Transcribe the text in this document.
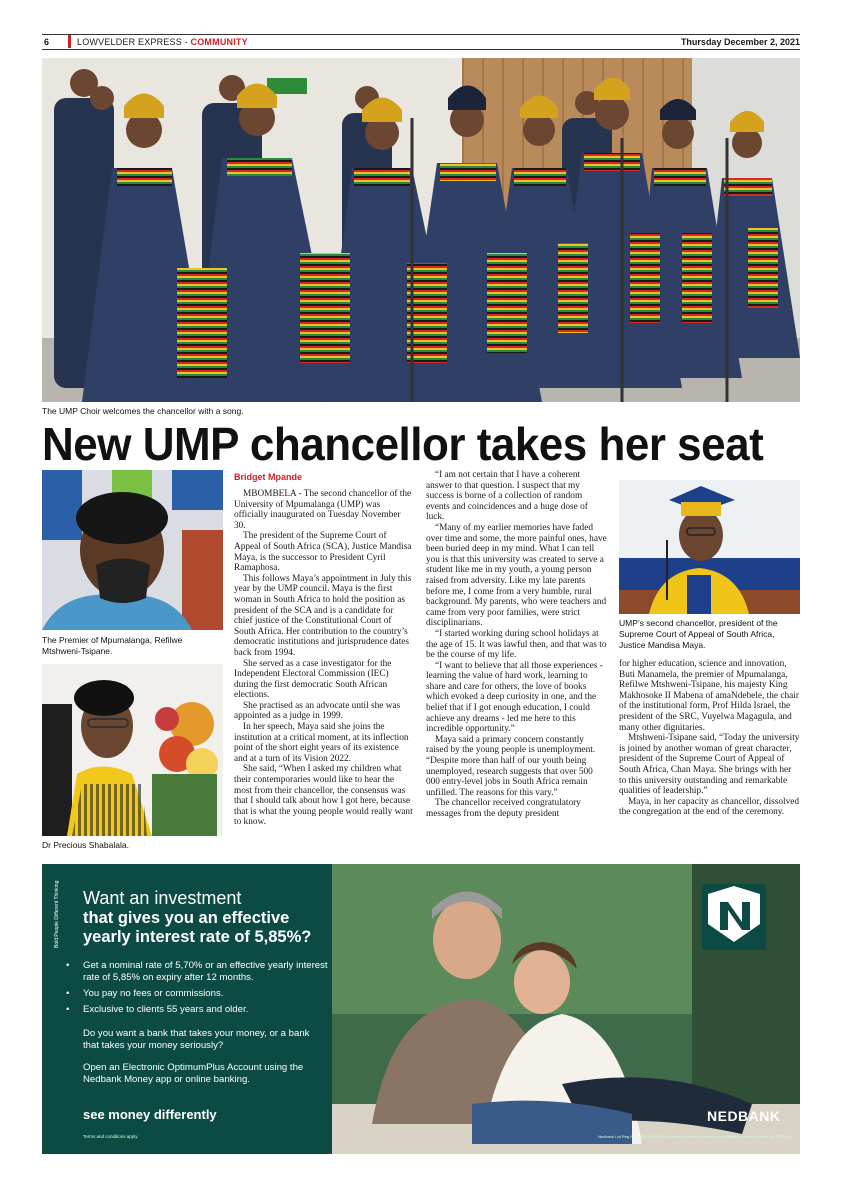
6	LOWVELDER EXPRESS - COMMUNITY	Thursday December 2, 2021
The UMP Choir welcomes the chancellor with a song.
New UMP chancellor takes her seat
The Premier of Mpumalanga, Refilwe Mtshweni-Tsipane.
Dr Precious Shabalala.
Bridget Mpande

MBOMBELA - The second chancellor of the University of Mpumalanga (UMP) was officially inaugurated on Tuesday November 30.

The president of the Supreme Court of Appeal of South Africa (SCA), Justice Mandisa Maya, is the successor to President Cyril Ramaphosa.

This follows Maya’s appointment in July this year by the UMP council. Maya is the first woman in South Africa to hold the position as president of the SCA and is a candidate for chief justice of the Constitutional Court of South Africa. Her contribution to the country’s democratic institutions and jurisprudence dates back from 1994.

She served as a case investigator for the Independent Electoral Commission (IEC) during the first democratic South African elections.

She practised as an advocate until she was appointed as a judge in 1999.

In her speech, Maya said she joins the institution at a critical moment, at its inflection point of the short eight years of its existence and at a turn of its Vision 2022.

She said, “When I asked my children what their contemporaries would like to hear the most from their chancellor, the consensus was that I should talk about how I got here, because that is what the young people would really want to know.

“I am not certain that I have a coherent answer to that question. I suspect that my success is borne of a collection of random events and coincidences and a huge dose of luck.

“Many of my earlier memories have faded over time and some, the more painful ones, have been buried deep in my mind. What I can tell you is that this university was created to serve a student like me in my youth, a young person raised from adversity. Like my late parents before me, I come from a very humble, rural background. My parents, who were teachers and came from very poor families, were strict disciplinarians.

“I started working during school holidays at the age of 15. It was lawful then, and that was to be the course of my life.

“I want to believe that all those experiences - learning the value of hard work, learning to share and care for others, the love of books which evoked a deep curiosity in one, and the belief that if I got enough education, I could achieve any dreams - led me here to this incredible opportunity.”

Maya said a primary concern constantly raised by the young people is unemployment. “Despite more than half of our youth being unemployed, research suggests that over 500 000 entry-level jobs in South Africa remain unfilled. The reasons for this vary.”

The chancellor received congratulatory messages from the deputy president

UMP’s second chancellor, president of the Supreme Court of Appeal of South Africa, Justice Mandisa Maya.

for higher education, science and innovation, Buti Manamela, the premier of Mpumalanga, Refilwe Mtshweni-Tsipane, his majesty King Makhosoke II Mabena of amaNdebele, the chair of the institutional form, Prof Hilda Israel, the president of the SRC, Vuyelwa Magagula, and many other dignitaries.

Mtshweni-Tsipane said, “Today the university is joined by another woman of great character, president of the Supreme Court of Appeal of South Africa, Chan Maya. She brings with her to this university outstanding and remarkable qualities of leadership.”

Maya, in her capacity as chancellor, dissolved the congregation at the end of the ceremony.

Bold People Different Thinking Want an investment
that gives you an effective
yearly interest rate of 5,85%?
• Get a nominal rate of 5,70% or an effective yearly interest rate of 5,85% on expiry after 12 months.
• You pay no fees or commissions.
• Exclusive to clients 55 years and older.
Do you want a bank that takes your money, or a bank that takes your money seriously?
Open an Electronic OptimumPlus Account using the Nedbank Money app or online banking.
see money differently
Terms and conditions apply.
NEDBANK
Nedbank Ltd Reg No 1951/000009/06. Licensed financial services and registered credit provider (NCRCP16).
